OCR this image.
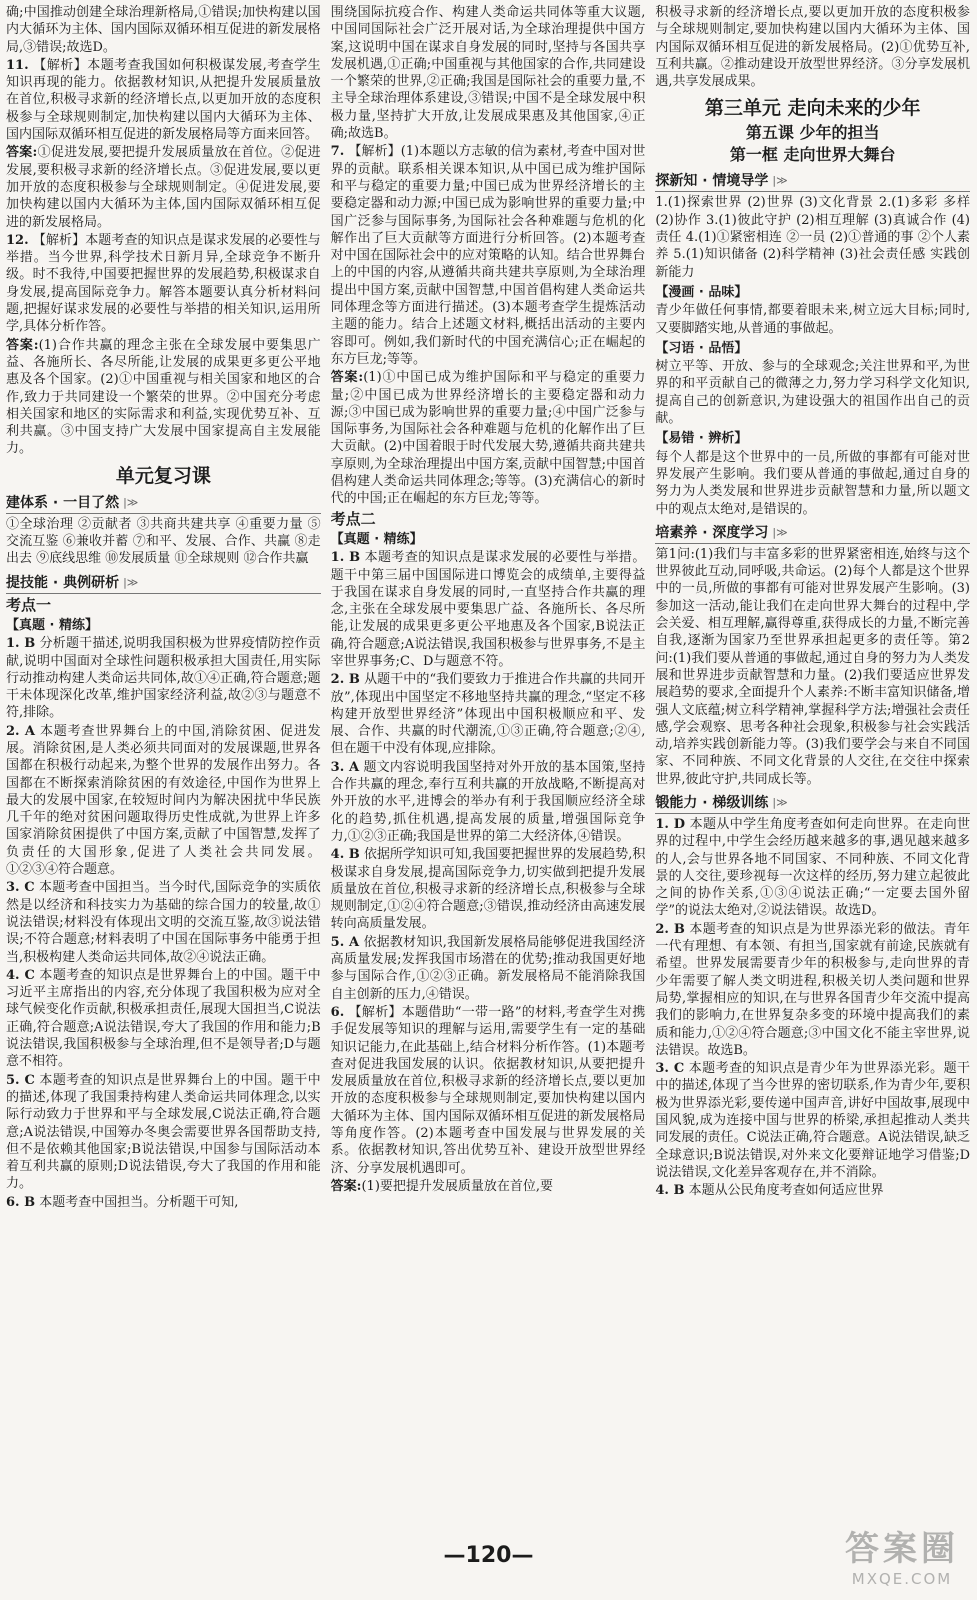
确;中国推动创建全球治理新格局,①错误;加快构建以国内大循环为主体、国内国际双循环相互促进的新发展格局,③错误;故选D。

11. 【解析】本题考查我国如何积极谋发展,考查学生知识再现的能力。依据教材知识,从把提升发展质量放在首位,积极寻求新的经济增长点,以更加开放的态度积极参与全球规则制定,加快构建以国内大循环为主体、国内国际双循环相互促进的新发展格局等方面来回答。

答案:①促进发展,要把提升发展质量放在首位。②促进发展,要积极寻求新的经济增长点。③促进发展,要以更加开放的态度积极参与全球规则制定。④促进发展,要加快构建以国内大循环为主体,国内国际双循环相互促进的新发展格局。

12. 【解析】本题考查的知识点是谋求发展的必要性与举措。当今世界,科学技术日新月异,全球竞争不断升级。时不我待,中国要把握世界的发展趋势,积极谋求自身发展,提高国际竞争力。解答本题要认真分析材料问题,把握好谋求发展的必要性与举措的相关知识,运用所学,具体分析作答。

答案:(1)合作共赢的理念主张在全球发展中要集思广益、各施所长、各尽所能,让发展的成果更多更公平地惠及各个国家。(2)①中国重视与相关国家和地区的合作,致力于共同建设一个繁荣的世界。②中国充分考虑相关国家和地区的实际需求和利益,实现优势互补、互利共赢。③中国支持广大发展中国家提高自主发展能力。

单元复习课
建体系 · 一目了然 |≫

①全球治理 ②贡献者 ③共商共建共享 ④重要力量 ⑤交流互鉴 ⑥兼收并蓄 ⑦和平、发展、合作、共赢 ⑧走出去 ⑨底线思维 ⑩发展质量 ⑪全球规则 ⑫合作共赢

提技能 · 典例研析 |≫
考点一
【真题 · 精练】

1. B 分析题干描述,说明我国积极为世界疫情防控作贡献,说明中国面对全球性问题积极承担大国责任,用实际行动推动构建人类命运共同体,故①④正确,符合题意;题干未体现深化改革,维护国家经济利益,故②③与题意不符,排除。

2. A 本题考查世界舞台上的中国,消除贫困、促进发展。消除贫困,是人类必须共同面对的发展课题,世界各国都在积极行动起来,为整个世界的发展作出努力。各国都在不断探索消除贫困的有效途径,中国作为世界上最大的发展中国家,在较短时间内为解决困扰中华民族几千年的绝对贫困问题取得历史性成就,为世界上许多国家消除贫困提供了中国方案,贡献了中国智慧,发挥了负责任的大国形象,促进了人类社会共同发展。①②③④符合题意。

3. C 本题考查中国担当。当今时代,国际竞争的实质依然是以经济和科技实力为基础的综合国力的较量,故①说法错误;材料没有体现出文明的交流互鉴,故③说法错误;不符合题意;材料表明了中国在国际事务中能勇于担当,积极构建人类命运共同体,故②④说法正确。

4. C 本题考查的知识点是世界舞台上的中国。题干中习近平主席指出的内容,充分体现了我国积极为应对全球气候变化作贡献,积极承担责任,展现大国担当,C说法正确,符合题意;A说法错误,夸大了我国的作用和能力;B说法错误,我国积极参与全球治理,但不是领导者;D与题意不相符。

5. C 本题考查的知识点是世界舞台上的中国。题干中的描述,体现了我国秉持构建人类命运共同体理念,以实际行动致力于世界和平与全球发展,C说法正确,符合题意;A说法错误,中国筹办冬奥会需要世界各国帮助支持,但不是依赖其他国家;B说法错误,中国参与国际活动本着互利共赢的原则;D说法错误,夸大了我国的作用和能力。

6. B 本题考查中国担当。分析题干可知,

围绕国际抗疫合作、构建人类命运共同体等重大议题,中国同国际社会广泛开展对话,为全球治理提供中国方案,这说明中国在谋求自身发展的同时,坚持与各国共享发展机遇,①正确;中国重视与其他国家的合作,共同建设一个繁荣的世界,②正确;我国是国际社会的重要力量,不主导全球治理体系建设,③错误;中国不是全球发展中积极力量,坚持扩大开放,让发展成果惠及其他国家,④正确;故选B。

7. 【解析】(1)本题以方志敏的信为素材,考查中国对世界的贡献。联系相关课本知识,从中国已成为维护国际和平与稳定的重要力量;中国已成为世界经济增长的主要稳定器和动力源;中国已成为影响世界的重要力量;中国广泛参与国际事务,为国际社会各种难题与危机的化解作出了巨大贡献等方面进行分析回答。(2)本题考查对中国在国际社会中的应对策略的认知。结合世界舞台上的中国的内容,从遵循共商共建共享原则,为全球治理提出中国方案,贡献中国智慧,中国首倡构建人类命运共同体理念等方面进行描述。(3)本题考查学生提炼活动主题的能力。结合上述题文材料,概括出活动的主要内容即可。例如,我们新时代的中国充满信心;正在崛起的东方巨龙;等等。

答案:(1)①中国已成为维护国际和平与稳定的重要力量;②中国已成为世界经济增长的主要稳定器和动力源;③中国已成为影响世界的重要力量;④中国广泛参与国际事务,为国际社会各种难题与危机的化解作出了巨大贡献。(2)中国着眼于时代发展大势,遵循共商共建共享原则,为全球治理提出中国方案,贡献中国智慧;中国首倡构建人类命运共同体理念;等等。(3)充满信心的新时代的中国;正在崛起的东方巨龙;等等。

考点二
【真题 · 精练】

1. B 本题考查的知识点是谋求发展的必要性与举措。题干中第三届中国国际进口博览会的成绩单,主要得益于我国在谋求自身发展的同时,一直坚持合作共赢的理念,主张在全球发展中要集思广益、各施所长、各尽所能,让发展的成果更多更公平地惠及各个国家,B说法正确,符合题意;A说法错误,我国积极参与世界事务,不是主宰世界事务;C、D与题意不符。

2. B 从题干中的“我们要致力于推进合作共赢的共同开放”,体现出中国坚定不移地坚持共赢的理念,“坚定不移构建开放型世界经济”体现出中国积极顺应和平、发展、合作、共赢的时代潮流,①③正确,符合题意;②④,但在题干中没有体现,应排除。

3. A 题文内容说明我国坚持对外开放的基本国策,坚持合作共赢的理念,奉行互利共赢的开放战略,不断提高对外开放的水平,进博会的举办有利于我国顺应经济全球化的趋势,抓住机遇,提高发展的质量,增强国际竞争力,①②③正确;我国是世界的第二大经济体,④错误。

4. B 依据所学知识可知,我国要把握世界的发展趋势,积极谋求自身发展,提高国际竞争力,切实做到把提升发展质量放在首位,积极寻求新的经济增长点,积极参与全球规则制定,①②④符合题意;③错误,推动经济由高速发展转向高质量发展。

5. A 依据教材知识,我国新发展格局能够促进我国经济高质量发展;发挥我国市场潜在的优势;推动我国更好地参与国际合作,①②③正确。新发展格局不能消除我国自主创新的压力,④错误。

6. 【解析】本题借助“一带一路”的材料,考查学生对携手促发展等知识的理解与运用,需要学生有一定的基础知识记能力,在此基础上,结合材料分析作答。(1)本题考查对促进我国发展的认识。依据教材知识,从要把提升发展质量放在首位,积极寻求新的经济增长点,要以更加开放的态度积极参与全球规则制定,要加快构建以国内大循环为主体、国内国际双循环相互促进的新发展格局等角度作答。(2)本题考查中国发展与世界发展的关系。依据教材知识,答出优势互补、建设开放型世界经济、分享发展机遇即可。

答案:(1)要把提升发展质量放在首位,要

积极寻求新的经济增长点,要以更加开放的态度积极参与全球规则制定,要加快构建以国内大循环为主体、国内国际双循环相互促进的新发展格局。(2)①优势互补,互利共赢。②推动建设开放型世界经济。③分享发展机遇,共享发展成果。

第三单元 走向未来的少年
第五课 少年的担当
第一框 走向世界大舞台
探新知 · 情境导学 |≫

1.(1)探索世界 (2)世界 (3)文化背景 2.(1)多彩 多样 (2)协作 3.(1)彼此守护 (2)相互理解 (3)真诚合作 (4)责任 4.(1)①紧密相连 ②一员 (2)①普通的事 ②个人素养 5.(1)知识储备 (2)科学精神 (3)社会责任感 实践创新能力

【漫画 · 品味】

青少年做任何事情,都要着眼未来,树立远大目标;同时,又要脚踏实地,从普通的事做起。

【习语 · 品悟】

树立平等、开放、参与的全球观念;关注世界和平,为世界的和平贡献自己的微薄之力,努力学习科学文化知识,提高自己的创新意识,为建设强大的祖国作出自己的贡献。

【易错 · 辨析】

每个人都是这个世界中的一员,所做的事都有可能对世界发展产生影响。我们要从普通的事做起,通过自身的努力为人类发展和世界进步贡献智慧和力量,所以题文中的观点太绝对,是错误的。

培素养 · 深度学习 |≫

第1问:(1)我们与丰富多彩的世界紧密相连,始终与这个世界彼此互动,同呼吸,共命运。(2)每个人都是这个世界中的一员,所做的事都有可能对世界发展产生影响。(3)参加这一活动,能让我们在走向世界大舞台的过程中,学会关爱、相互理解,赢得尊重,获得成长的力量,不断完善自我,逐渐为国家乃至世界承担起更多的责任等。第2问:(1)我们要从普通的事做起,通过自身的努力为人类发展和世界进步贡献智慧和力量。(2)我们要适应世界发展趋势的要求,全面提升个人素养:不断丰富知识储备,增强人文底蕴;树立科学精神,掌握科学方法;增强社会责任感,学会观察、思考各种社会现象,积极参与社会实践活动,培养实践创新能力等。(3)我们要学会与来自不同国家、不同种族、不同文化背景的人交往,在交往中探索世界,彼此守护,共同成长等。

锻能力 · 梯级训练 |≫

1. D 本题从中学生角度考查如何走向世界。在走向世界的过程中,中学生会经历越来越多的事,遇见越来越多的人,会与世界各地不同国家、不同种族、不同文化背景的人交往,要珍视每一次这样的经历,努力建立起彼此之间的协作关系,①③④说法正确;“一定要去国外留学”的说法太绝对,②说法错误。故选D。

2. B 本题考查的知识点是为世界添光彩的做法。青年一代有理想、有本领、有担当,国家就有前途,民族就有希望。世界发展需要青少年的积极参与,走向世界的青少年需要了解人类文明进程,积极关切人类问题和世界局势,掌握相应的知识,在与世界各国青少年交流中提高我们的影响力,在世界复杂多变的环境中提高我们的素质和能力,①②④符合题意;③中国文化不能主宰世界,说法错误。故选B。

3. C 本题考查的知识点是青少年为世界添光彩。题干中的描述,体现了当今世界的密切联系,作为青少年,要积极为世界添光彩,要传递中国声音,讲好中国故事,展现中国风貌,成为连接中国与世界的桥梁,承担起推动人类共同发展的责任。C说法正确,符合题意。A说法错误,缺乏全球意识;B说法错误,对外来文化要辩证地学习借鉴;D说法错误,文化差异客观存在,并不消除。

4. B 本题从公民角度考查如何适应世界

—120—	答案圈
MXQE.COM
